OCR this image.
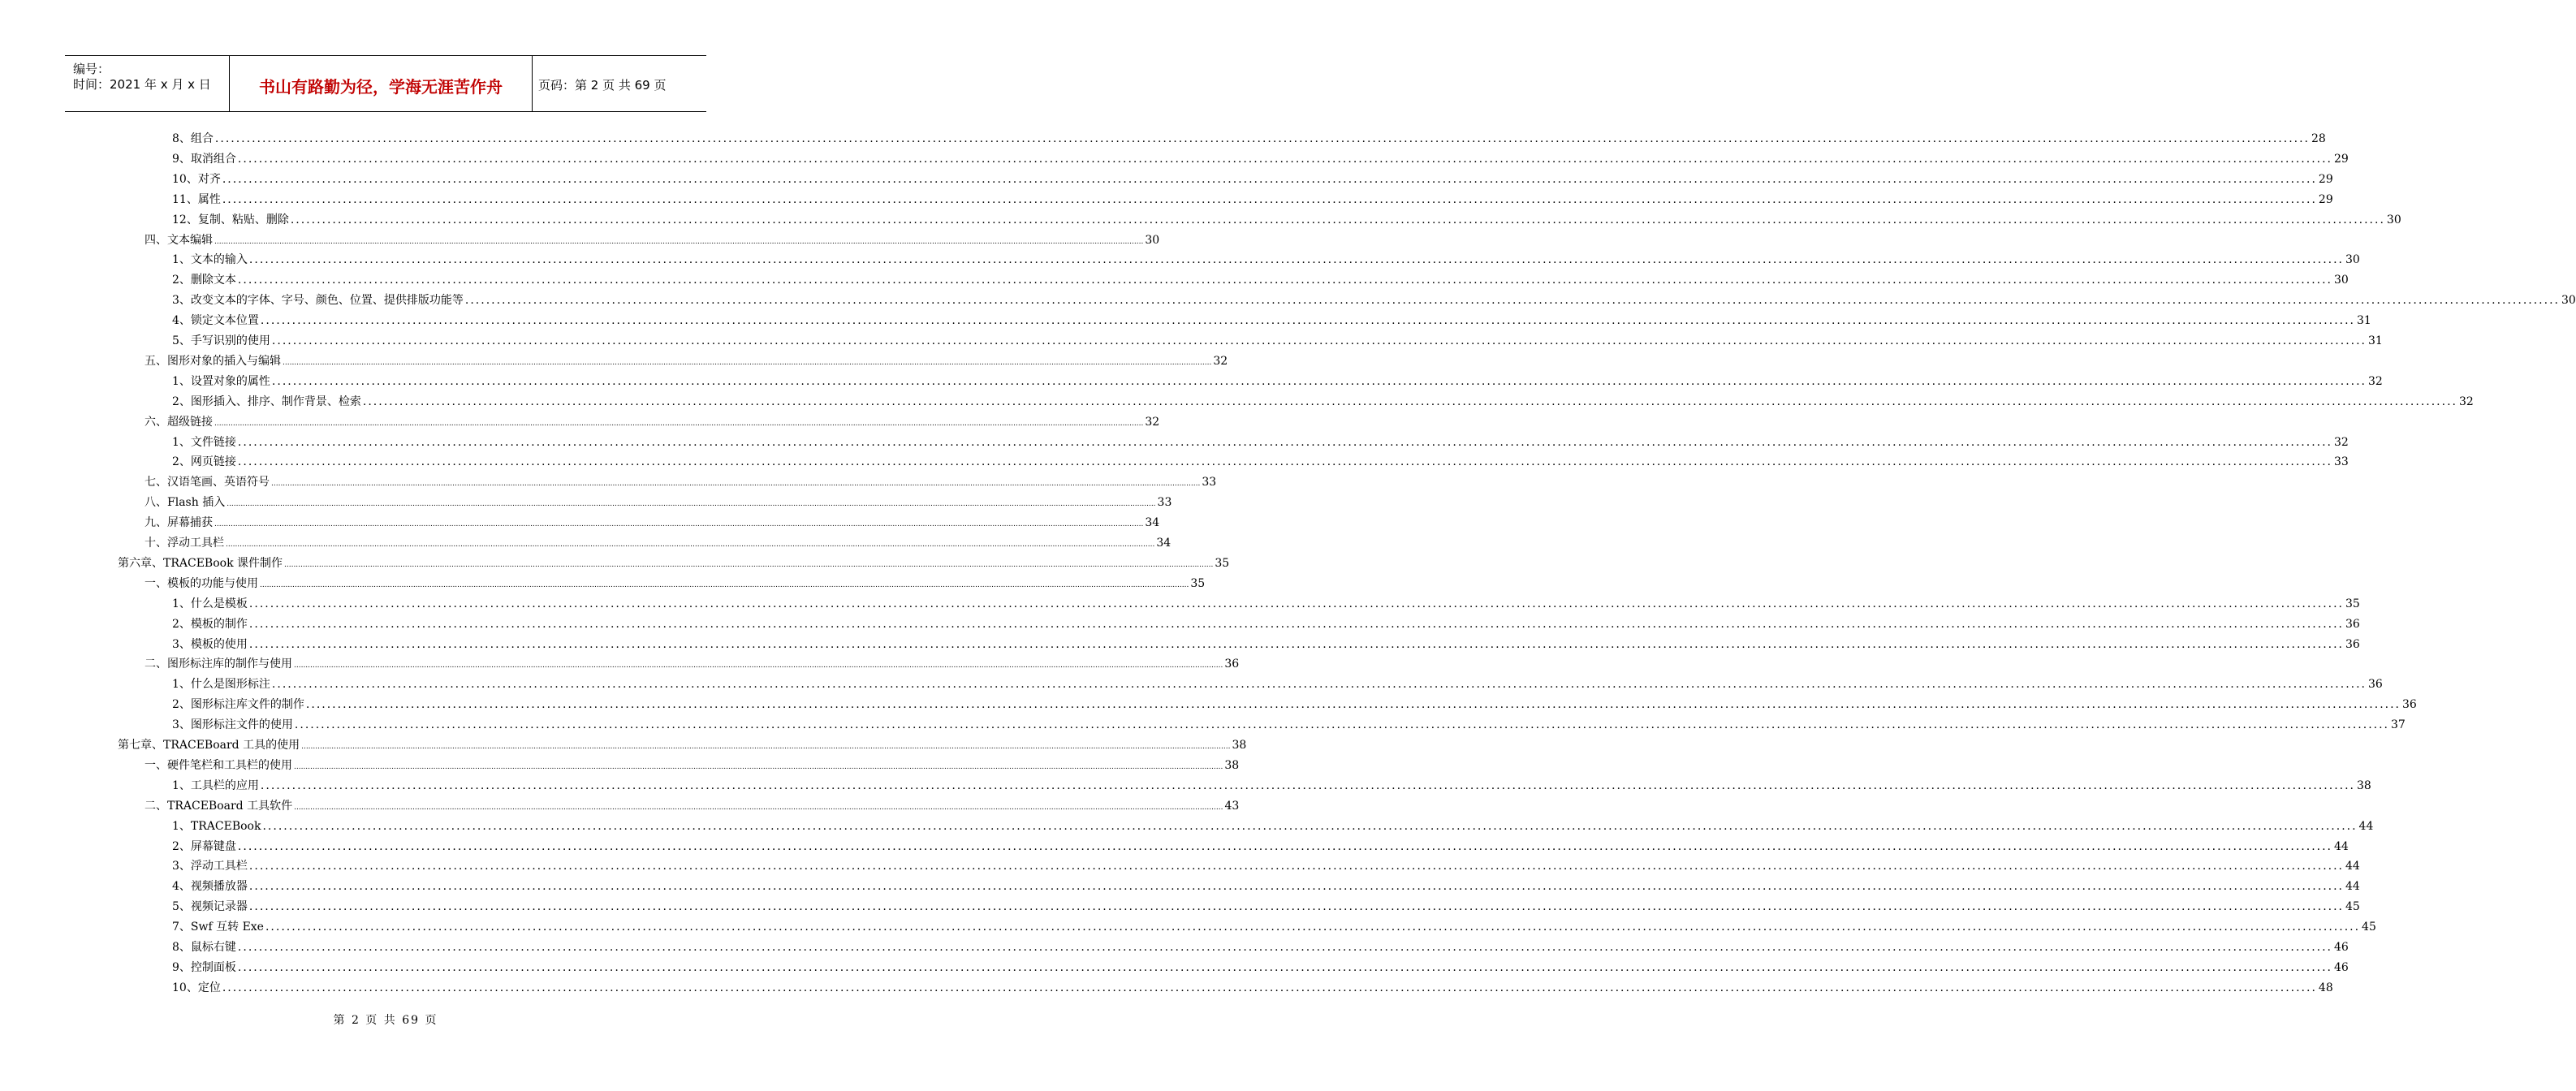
编号：
时间：2021 年 x 月 x 日	书山有路勤为径，学海无涯苦作舟	页码：第 2 页 共 69 页
8、组合 ................................................................................................................................................................................................................................................................................................................................................................................................................ 28
9、取消组合 ................................................................................................................................................................................................................................................................................................................................................................................................................ 29
10、对齐 ................................................................................................................................................................................................................................................................................................................................................................................................................ 29
11、属性 ................................................................................................................................................................................................................................................................................................................................................................................................................ 29
12、复制、粘贴、删除 ................................................................................................................................................................................................................................................................................................................................................................................................................ 30
四、文本编辑 ................................................................................................................................................................................................................................................................................................................................................................................................................ 30
1、文本的输入 ................................................................................................................................................................................................................................................................................................................................................................................................................ 30
2、删除文本 ................................................................................................................................................................................................................................................................................................................................................................................................................ 30
3、改变文本的字体、字号、颜色、位置、提供排版功能等 ................................................................................................................................................................................................................................................................................................................................................................................................................ 30
4、锁定文本位置 ................................................................................................................................................................................................................................................................................................................................................................................................................ 31
5、手写识别的使用 ................................................................................................................................................................................................................................................................................................................................................................................................................ 31
五、图形对象的插入与编辑 ................................................................................................................................................................................................................................................................................................................................................................................................................ 32
1、设置对象的属性 ................................................................................................................................................................................................................................................................................................................................................................................................................ 32
2、图形插入、排序、制作背景、检索 ................................................................................................................................................................................................................................................................................................................................................................................................................ 32
六、超级链接 ................................................................................................................................................................................................................................................................................................................................................................................................................ 32
1、文件链接 ................................................................................................................................................................................................................................................................................................................................................................................................................ 32
2、网页链接 ................................................................................................................................................................................................................................................................................................................................................................................................................ 33
七、汉语笔画、英语符号 ................................................................................................................................................................................................................................................................................................................................................................................................................ 33
八、Flash 插入 ................................................................................................................................................................................................................................................................................................................................................................................................................ 33
九、屏幕捕获 ................................................................................................................................................................................................................................................................................................................................................................................................................ 34
十、浮动工具栏 ................................................................................................................................................................................................................................................................................................................................................................................................................ 34
第六章、TRACEBook 课件制作 ................................................................................................................................................................................................................................................................................................................................................................................................................ 35
一、模板的功能与使用 ................................................................................................................................................................................................................................................................................................................................................................................................................ 35
1、什么是模板 ................................................................................................................................................................................................................................................................................................................................................................................................................ 35
2、模板的制作 ................................................................................................................................................................................................................................................................................................................................................................................................................ 36
3、模板的使用 ................................................................................................................................................................................................................................................................................................................................................................................................................ 36
二、图形标注库的制作与使用 ................................................................................................................................................................................................................................................................................................................................................................................................................ 36
1、什么是图形标注 ................................................................................................................................................................................................................................................................................................................................................................................................................ 36
2、图形标注库文件的制作 ................................................................................................................................................................................................................................................................................................................................................................................................................ 36
3、图形标注文件的使用 ................................................................................................................................................................................................................................................................................................................................................................................................................ 37
第七章、TRACEBoard 工具的使用 ................................................................................................................................................................................................................................................................................................................................................................................................................ 38
一、硬件笔栏和工具栏的使用 ................................................................................................................................................................................................................................................................................................................................................................................................................ 38
1、工具栏的应用 ................................................................................................................................................................................................................................................................................................................................................................................................................ 38
二、TRACEBoard 工具软件 ................................................................................................................................................................................................................................................................................................................................................................................................................ 43
1、TRACEBook ................................................................................................................................................................................................................................................................................................................................................................................................................ 44
2、屏幕键盘 ................................................................................................................................................................................................................................................................................................................................................................................................................ 44
3、浮动工具栏 ................................................................................................................................................................................................................................................................................................................................................................................................................ 44
4、视频播放器 ................................................................................................................................................................................................................................................................................................................................................................................................................ 44
5、视频记录器 ................................................................................................................................................................................................................................................................................................................................................................................................................ 45
7、Swf 互转 Exe ................................................................................................................................................................................................................................................................................................................................................................................................................ 45
8、鼠标右键 ................................................................................................................................................................................................................................................................................................................................................................................................................ 46
9、控制面板 ................................................................................................................................................................................................................................................................................................................................................................................................................ 46
10、定位 ................................................................................................................................................................................................................................................................................................................................................................................................................ 48
第 2 页 共 69 页
